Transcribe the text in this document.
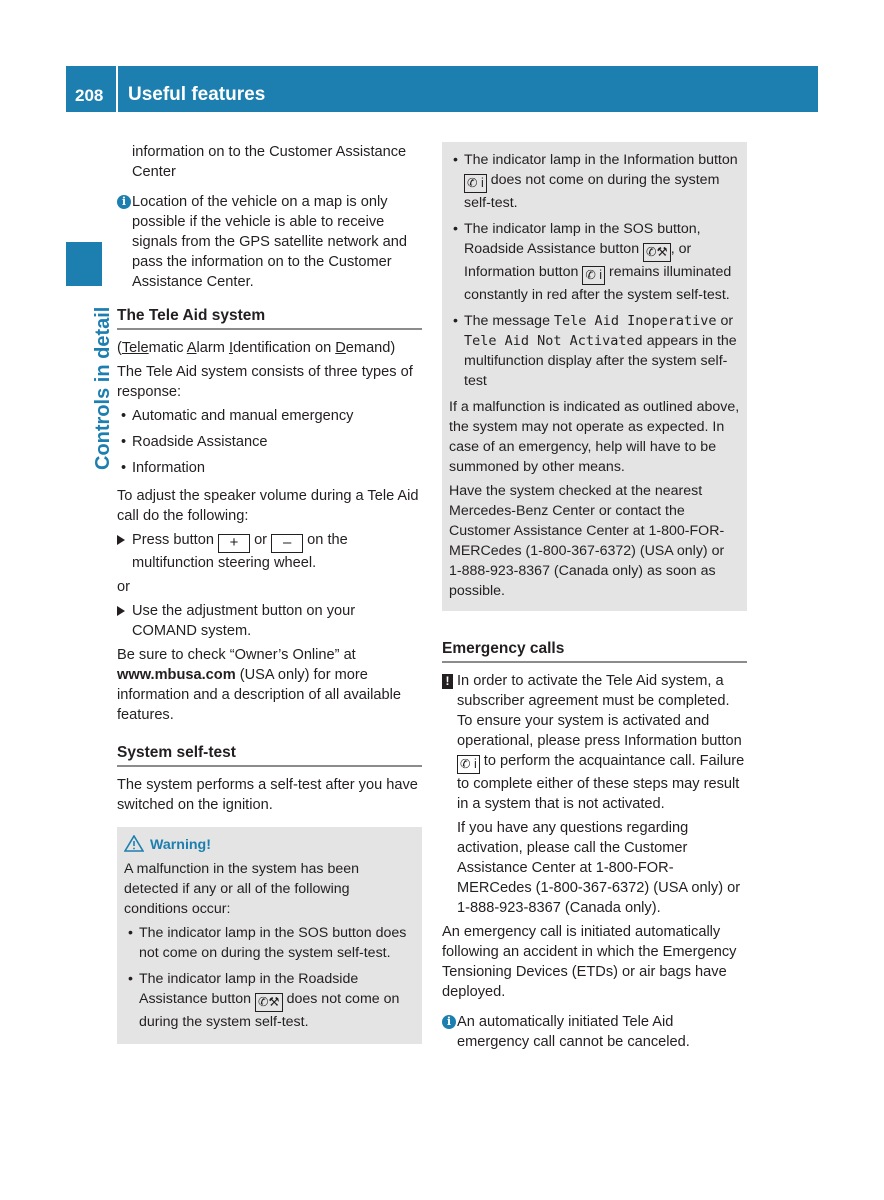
208 Useful features
Controls in detail

information on to the Customer Assistance Center

i Location of the vehicle on a map is only possible if the vehicle is able to receive signals from the GPS satellite network and pass the information on to the Customer Assistance Center.
The Tele Aid system

(Telematic Alarm Identification on Demand)

The Tele Aid system consists of three types of response:

• Automatic and manual emergency
• Roadside Assistance
• Information

To adjust the speaker volume during a Tele Aid call do the following:

Press button + or – on the multifunction steering wheel.

or

Use the adjustment button on your COMAND system.

Be sure to check “Owner’s Online” at
www.mbusa.com (USA only) for more information and a description of all available features.

System self-test

The system performs a self-test after you have switched on the ignition.

Warning!

A malfunction in the system has been detected if any or all of the following conditions occur:

• The indicator lamp in the SOS button does not come on during the system self-test.
• The indicator lamp in the Roadside Assistance button ✆⚒ does not come on during the system self-test.
• The indicator lamp in the Information button ✆ i does not come on during the system self-test.
• The indicator lamp in the SOS button, Roadside Assistance button ✆⚒ , or Information button ✆ i remains illuminated constantly in red after the system self-test.
• The message Tele Aid Inoperative or Tele Aid Not Activated appears in the multifunction display after the system self-test

If a malfunction is indicated as outlined above, the system may not operate as expected. In case of an emergency, help will have to be summoned by other means.

Have the system checked at the nearest Mercedes-Benz Center or contact the Customer Assistance Center at 1-800-FOR-MERCedes (1-800-367-6372) (USA only) or 1-888-923-8367 (Canada only) as soon as possible.

Emergency calls
! In order to activate the Tele Aid system, a subscriber agreement must be completed. To ensure your system is activated and operational, please press Information button ✆ i to perform the acquaintance call. Failure to complete either of these steps may result in a system that is not activated.

If you have any questions regarding activation, please call the Customer Assistance Center at 1-800-FOR-MERCedes (1-800-367-6372) (USA only) or 1-888-923-8367 (Canada only).

An emergency call is initiated automatically following an accident in which the Emergency Tensioning Devices (ETDs) or air bags have deployed.

i An automatically initiated Tele Aid emergency call cannot be canceled.
